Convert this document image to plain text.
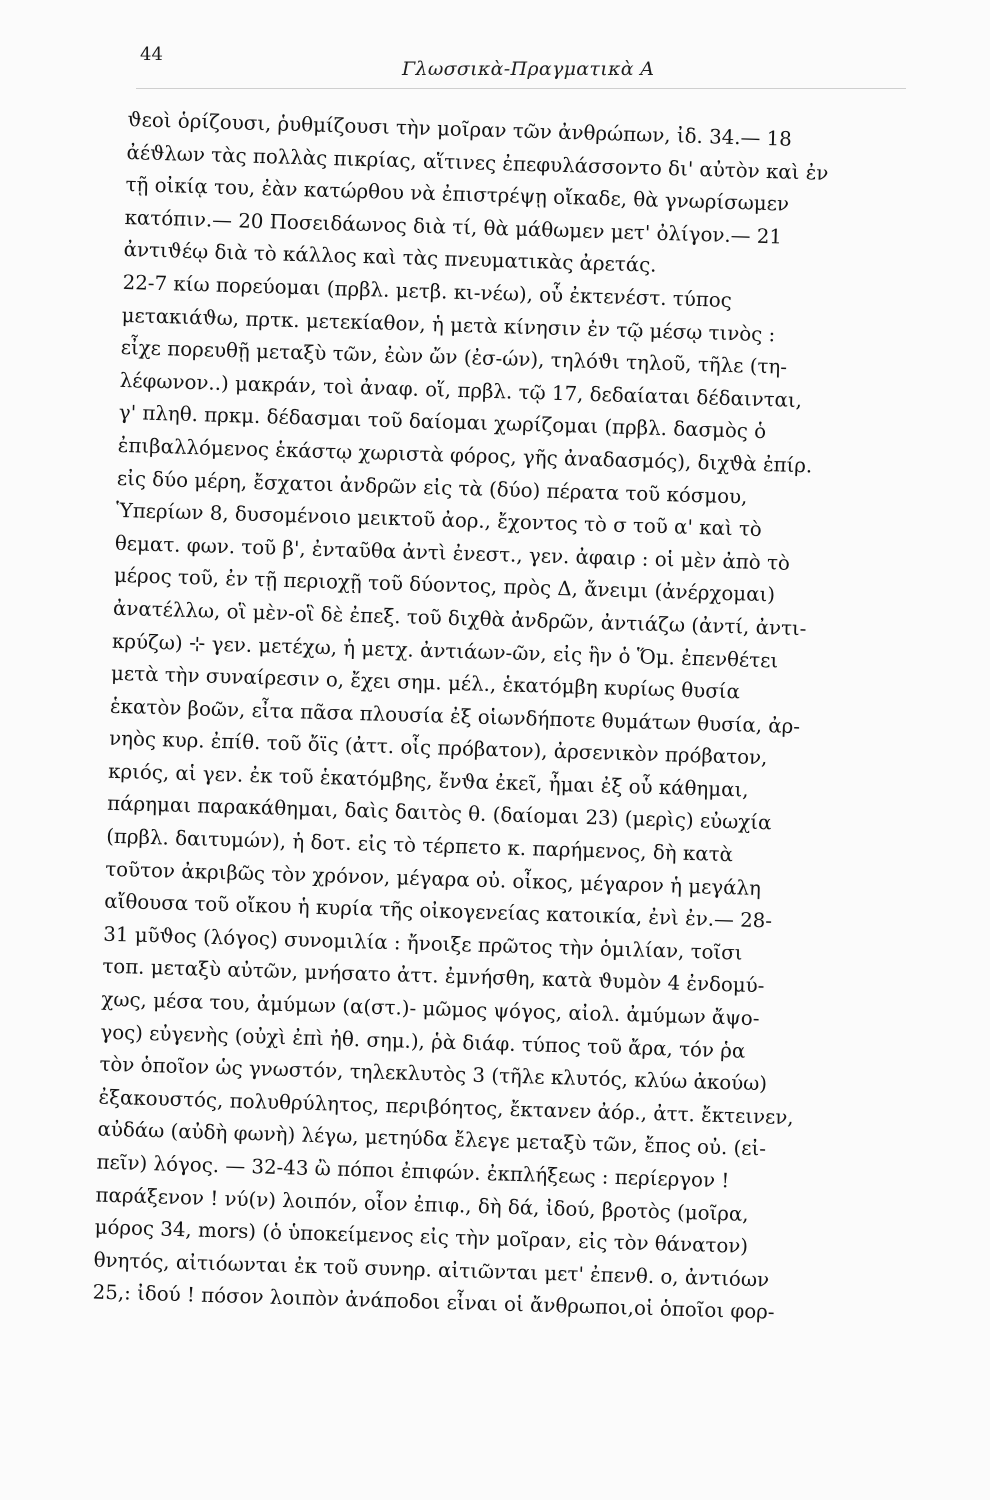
44
Γλωσσικὰ-Πραγματικὰ Α
ϑεοὶ ὁρίζουσι, ῥυθμίζουσι τὴν μοῖραν τῶν ἀνθρώπων, ἰδ. 34.— 18
ἀέϑλων τὰς πολλὰς πικρίας, αἵτινες ἐπεφυλάσσοντο δι' αὐτὸν καὶ ἐν
τῇ οἰκίᾳ του, ἐὰν κατώρθου νὰ ἐπιστρέψῃ οἴκαδε, θὰ γνωρίσωμεν
κατόπιν.— 20 Ποσειδάωνος διὰ τί, θὰ μάθωμεν μετ' ὀλίγον.— 21
ἀντιϑέῳ διὰ τὸ κάλλος καὶ τὰς πνευματικὰς ἀρετάς.
22-7 κίω πορεύομαι (πρβλ. μετβ. κι-νέω), οὗ ἐκτενέστ. τύπος
μετακιάϑω, πρτκ. μετεκίαθον, ἡ μετὰ κίνησιν ἐν τῷ μέσῳ τινὸς :
εἶχε πορευθῇ μεταξὺ τῶν, ἐὼν ὤν (ἐσ-ών), τηλόϑι τηλοῦ, τῆλε (τη-
λέφωνον..) μακράν, τοὶ ἀναφ. οἵ, πρβλ. τῷ 17, δεδαίαται δέδαινται,
γ' πληθ. πρκμ. δέδασμαι τοῦ δαίομαι χωρίζομαι (πρβλ. δασμὸς ὁ
ἐπιβαλλόμενος ἑκάστῳ χωριστὰ φόρος, γῆς ἀναδασμός), διχϑὰ ἐπίρ.
εἰς δύο μέρη, ἔσχατοι ἀνδρῶν εἰς τὰ (δύο) πέρατα τοῦ κόσμου,
Ὑπερίων 8, δυσομένοιο μεικτοῦ ἀορ., ἔχοντος τὸ σ τοῦ α' καὶ τὸ
θεματ. φων. τοῦ β', ἐνταῦθα ἀντὶ ἐνεστ., γεν. ἀφαιρ : οἱ μὲν ἀπὸ τὸ
μέρος τοῦ, ἐν τῇ περιοχῇ τοῦ δύοντος, πρὸς Δ, ἄνειμι (ἀνέρχομαι)
ἀνατέλλω, οἳ μὲν-οἳ δὲ ἐπεξ. τοῦ διχθὰ ἀνδρῶν, ἀντιάζω (ἀντί, ἀντι-
κρύζω) ⊹ γεν. μετέχω, ἡ μετχ. ἀντιάων-ῶν, εἰς ἣν ὁ Ὅμ. ἐπενθέτει
μετὰ τὴν συναίρεσιν ο, ἔχει σημ. μέλ., ἑκατόμβη κυρίως θυσία
ἑκατὸν βοῶν, εἶτα πᾶσα πλουσία ἐξ οἱωνδήποτε θυμάτων θυσία, ἀρ-
νηὸς κυρ. ἐπίθ. τοῦ ὄϊς (ἀττ. οἷς πρόβατον), ἀρσενικὸν πρόβατον,
κριός, αἱ γεν. ἐκ τοῦ ἑκατόμβης, ἔνϑα ἐκεῖ, ἦμαι ἐξ οὗ κάθημαι,
πάρημαι παρακάθημαι, δαὶς δαιτὸς θ. (δαίομαι 23) (μερὶς) εὐωχία
(πρβλ. δαιτυμών), ἡ δοτ. εἰς τὸ τέρπετο κ. παρήμενος, δὴ κατὰ
τοῦτον ἀκριβῶς τὸν χρόνον, μέγαρα οὐ. οἶκος, μέγαρον ἡ μεγάλη
αἴθουσα τοῦ οἴκου ἡ κυρία τῆς οἰκογενείας κατοικία, ἐνὶ ἐν.— 28-
31 μῦϑος (λόγος) συνομιλία : ἤνοιξε πρῶτος τὴν ὁμιλίαν, τοῖσι
τοπ. μεταξὺ αὐτῶν, μνήσατο ἀττ. ἐμνήσθη, κατὰ ϑυμὸν 4 ἐνδομύ-
χως, μέσα του, ἀμύμων (α(στ.)- μῶμος ψόγος, αἰολ. ἀμύμων ἄψο-
γος) εὐγενὴς (οὐχὶ ἐπὶ ἠθ. σημ.), ῥὰ διάφ. τύπος τοῦ ἄρα, τόν ῥα
τὸν ὁποῖον ὡς γνωστόν, τηλεκλυτὸς 3 (τῆλε κλυτός, κλύω ἀκούω)
ἐξακουστός, πολυθρύλητος, περιβόητος, ἔκτανεν ἀόρ., ἀττ. ἔκτεινεν,
αὐδάω (αὐδὴ φωνὴ) λέγω, μετηύδα ἔλεγε μεταξὺ τῶν, ἔπος οὐ. (εἰ-
πεῖν) λόγος. — 32-43 ὢ πόποι ἐπιφών. ἐκπλήξεως : περίεργον !
παράξενον ! νύ(ν) λοιπόν, οἷον ἐπιφ., δὴ δά, ἰδού, βροτὸς (μοῖρα,
μόρος 34, mors) (ὁ ὑποκείμενος εἰς τὴν μοῖραν, εἰς τὸν θάνατον)
θνητός, αἰτιόωνται ἐκ τοῦ συνηρ. αἰτιῶνται μετ' ἐπενθ. ο, ἀντιόων
25,: ἰδού ! πόσον λοιπὸν ἀνάποδοι εἶναι οἱ ἄνθρωποι,οἱ ὁποῖοι φορ-
